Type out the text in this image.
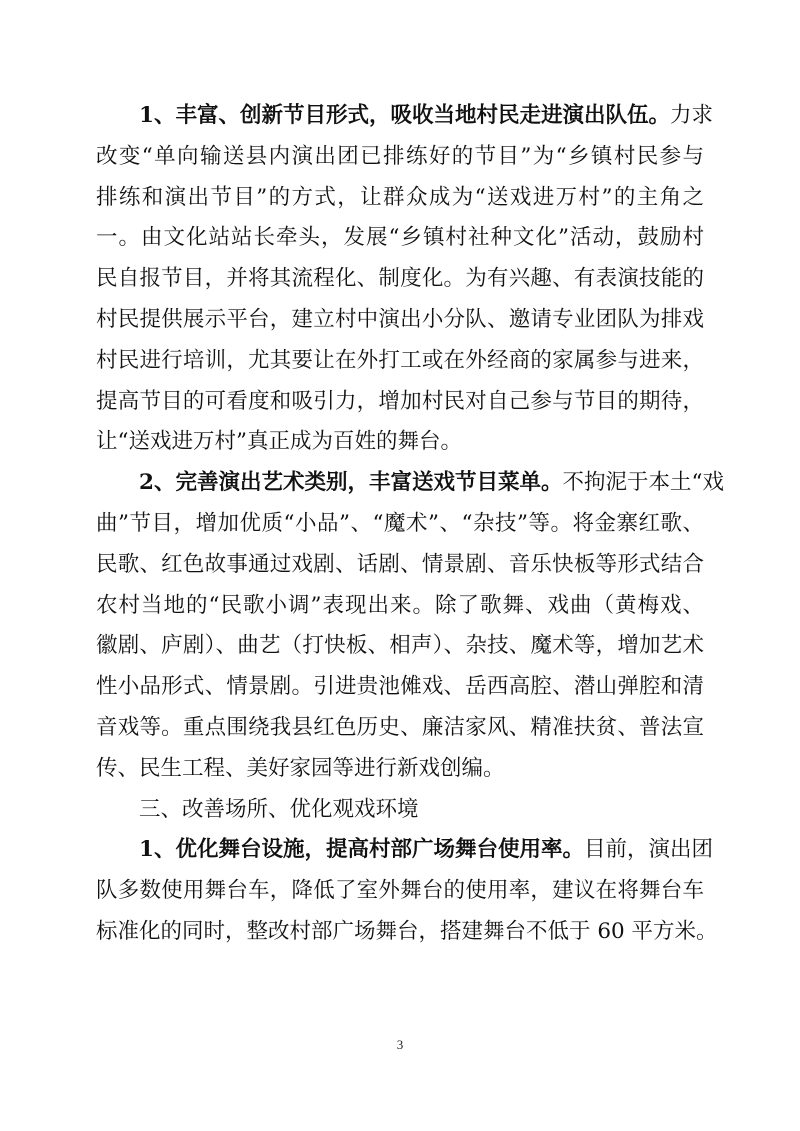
1、丰富、创新节目形式，吸收当地村民走进演出队伍。力求
改变“单向输送县内演出团已排练好的节目”为“乡镇村民参与
排练和演出节目”的方式，让群众成为“送戏进万村”的主角之
一。由文化站站长牵头，发展“乡镇村社种文化”活动，鼓励村
民自报节目，并将其流程化、制度化。为有兴趣、有表演技能的
村民提供展示平台，建立村中演出小分队、邀请专业团队为排戏
村民进行培训，尤其要让在外打工或在外经商的家属参与进来，
提高节目的可看度和吸引力，增加村民对自己参与节目的期待，
让“送戏进万村”真正成为百姓的舞台。
2、完善演出艺术类别，丰富送戏节目菜单。不拘泥于本土“戏
曲”节目，增加优质“小品”、“魔术”、“杂技”等。将金寨红歌、
民歌、红色故事通过戏剧、话剧、情景剧、音乐快板等形式结合
农村当地的“民歌小调”表现出来。除了歌舞、戏曲（黄梅戏、
徽剧、庐剧）、曲艺（打快板、相声）、杂技、魔术等，增加艺术
性小品形式、情景剧。引进贵池傩戏、岳西高腔、潜山弹腔和清
音戏等。重点围绕我县红色历史、廉洁家风、精准扶贫、普法宣
传、民生工程、美好家园等进行新戏创编。
三、改善场所、优化观戏环境
1、优化舞台设施，提高村部广场舞台使用率。目前，演出团
队多数使用舞台车，降低了室外舞台的使用率，建议在将舞台车
标准化的同时，整改村部广场舞台，搭建舞台不低于 60 平方米。
3
